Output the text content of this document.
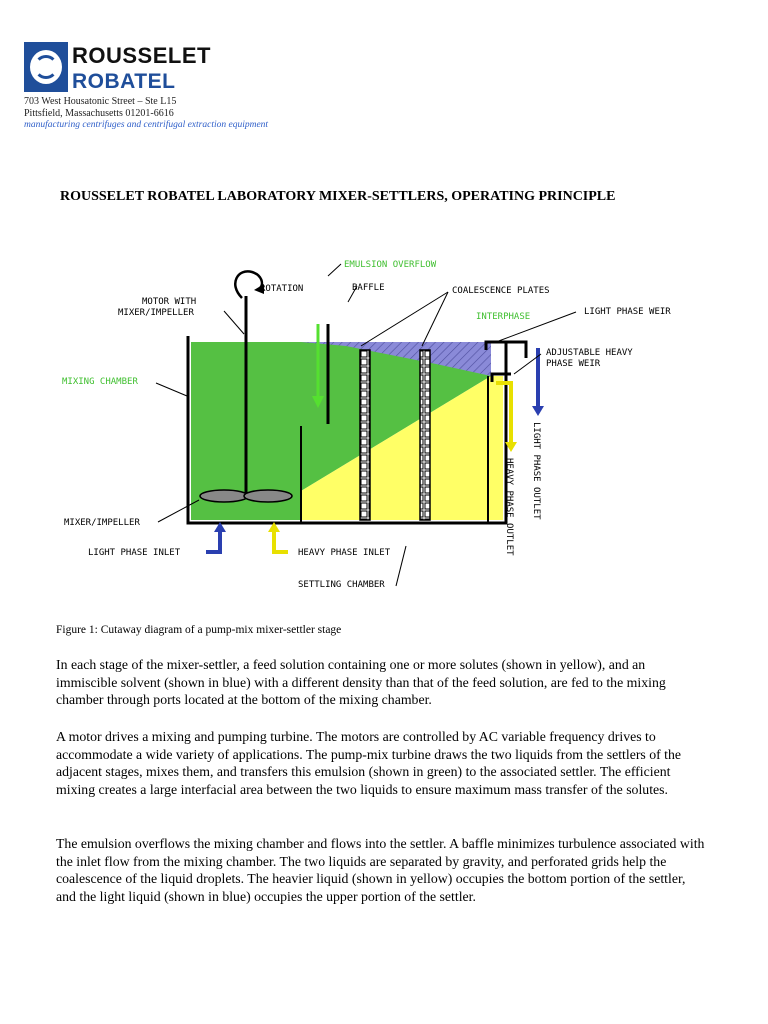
ROUSSELET
ROBATEL
703 West Housatonic Street – Ste L15
Pittsfield, Massachusetts 01201-6616
manufacturing centrifuges and centrifugal extraction equipment
ROUSSELET ROBATEL LABORATORY MIXER-SETTLERS, OPERATING PRINCIPLE
EMULSION OVERFLOW
ROTATION	BAFFLE	COALESCENCE PLATES
MOTOR WITH
MIXER/IMPELLER	LIGHT PHASE WEIR
INTERPHASE
ADJUSTABLE HEAVY
PHASE WEIR
MIXING CHAMBER
LIGHT PHASE OUTLET
HEAVY PHASE OUTLET
MIXER/IMPELLER
LIGHT PHASE INLET	HEAVY PHASE INLET
SETTLING CHAMBER
Figure 1: Cutaway diagram of a pump-mix mixer-settler stage
In each stage of the mixer-settler, a feed solution containing one or more solutes (shown in yellow), and an immiscible solvent (shown in blue) with a different density than that of the feed solution, are fed to the mixing chamber through ports located at the bottom of the mixing chamber.
A motor drives a mixing and pumping turbine. The motors are controlled by AC variable frequency drives to accommodate a wide variety of applications. The pump-mix turbine draws the two liquids from the settlers of the adjacent stages, mixes them, and transfers this emulsion (shown in green) to the associated settler. The efficient mixing creates a large interfacial area between the two liquids to ensure maximum mass transfer of the solutes.
The emulsion overflows the mixing chamber and flows into the settler. A baffle minimizes turbulence associated with the inlet flow from the mixing chamber. The two liquids are separated by gravity, and perforated grids help the coalescence of the liquid droplets. The heavier liquid (shown in yellow) occupies the bottom portion of the settler, and the light liquid (shown in blue) occupies the upper portion of the settler.
